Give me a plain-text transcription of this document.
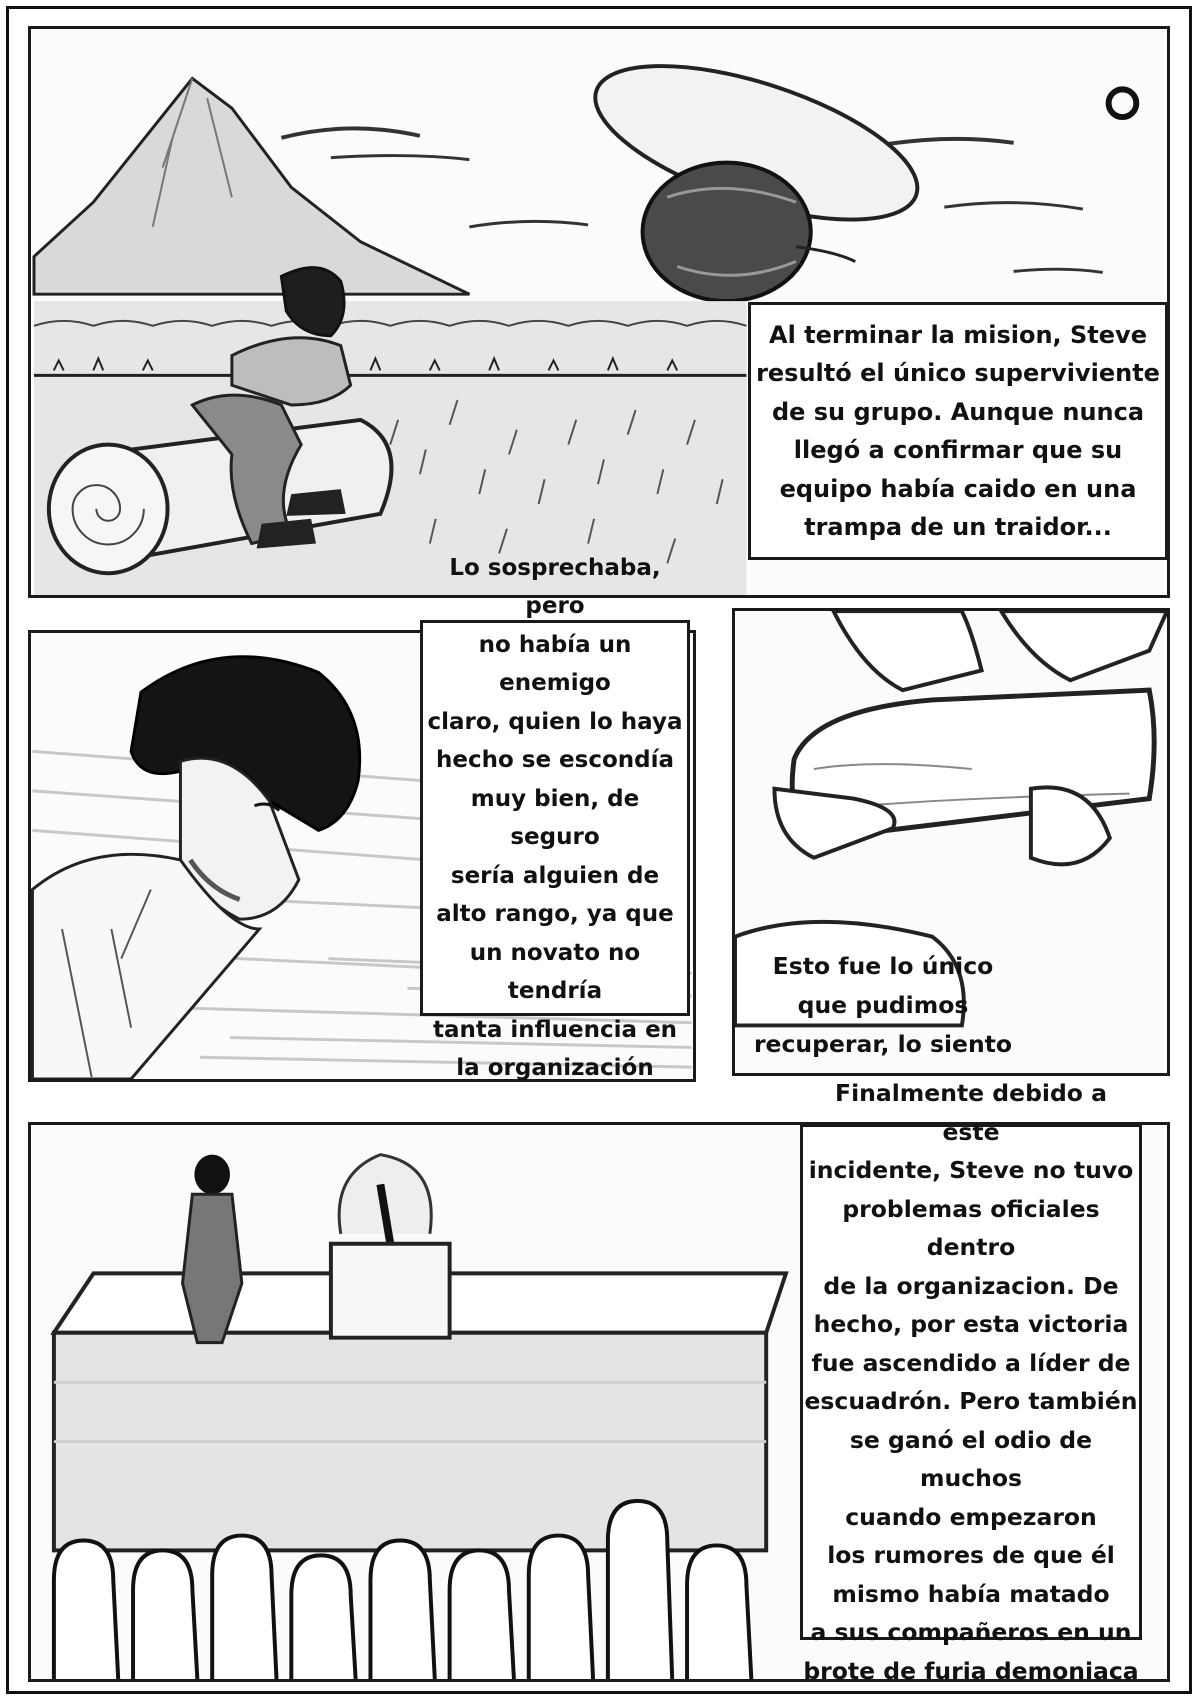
Al terminar la mision, Steve
resultó el único superviviente
de su grupo. Aunque nunca
llegó a confirmar que su
equipo había caido en una
trampa de un traidor...
Lo sosprechaba, pero
no había un enemigo
claro, quien lo haya
hecho se escondía
muy bien, de seguro
sería alguien de
alto rango, ya que
un novato no tendría
tanta influencia en
la organización
Esto fue lo único
que pudimos
recuperar, lo siento
Finalmente debido a este
incidente, Steve no tuvo
problemas oficiales dentro
de la organizacion. De
hecho, por esta victoria
fue ascendido a líder de
escuadrón. Pero también
se ganó el odio de muchos
cuando empezaron
los rumores de que él
mismo había matado
a sus compañeros en un
brote de furia demoniaca
